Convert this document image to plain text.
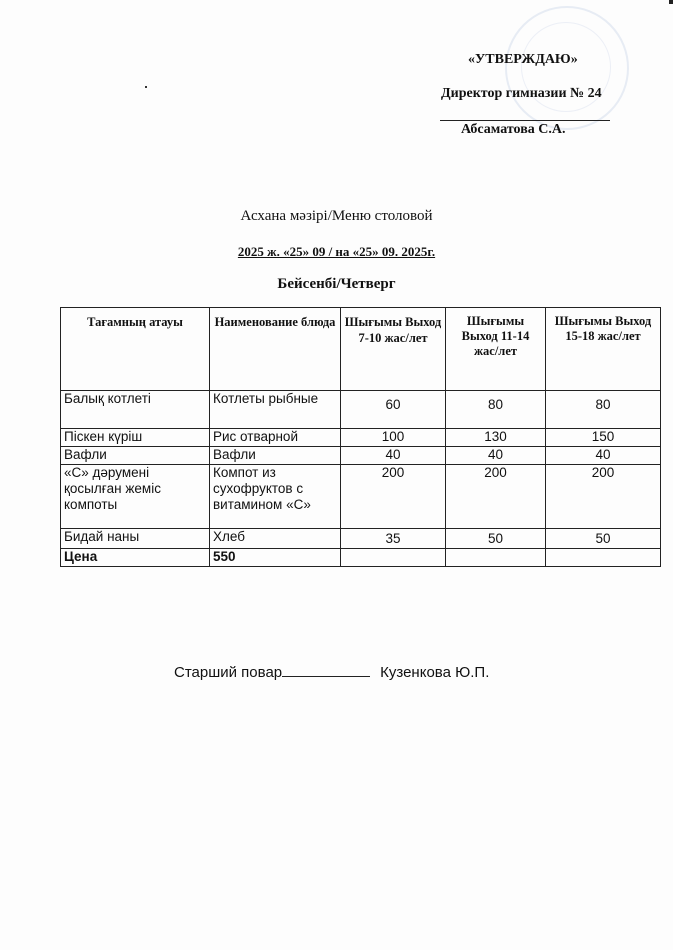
«УТВЕРЖДАЮ»
Директор гимназии № 24
Абсаматова С.А.
Асхана мәзірі/Меню столовой
2025 ж. «25» 09 / на «25» 09. 2025г.
Бейсенбі/Четверг
Тағамның атауы	Наименование блюда	Шығымы Выход 7-10 жас/лет	Шығымы Выход 11-14 жас/лет	Шығымы Выход 15-18 жас/лет
Балық котлеті	Котлеты рыбные	60	80	80
Піскен күріш	Рис отварной	100	130	150
Вафли	Вафли	40	40	40
«С» дәрумені қосылған жеміс компоты	Компот из сухофруктов с витамином «С»	200	200	200
Бидай наны	Хлеб	35	50	50
Цена	550			
Старший повар	Кузенкова Ю.П.
